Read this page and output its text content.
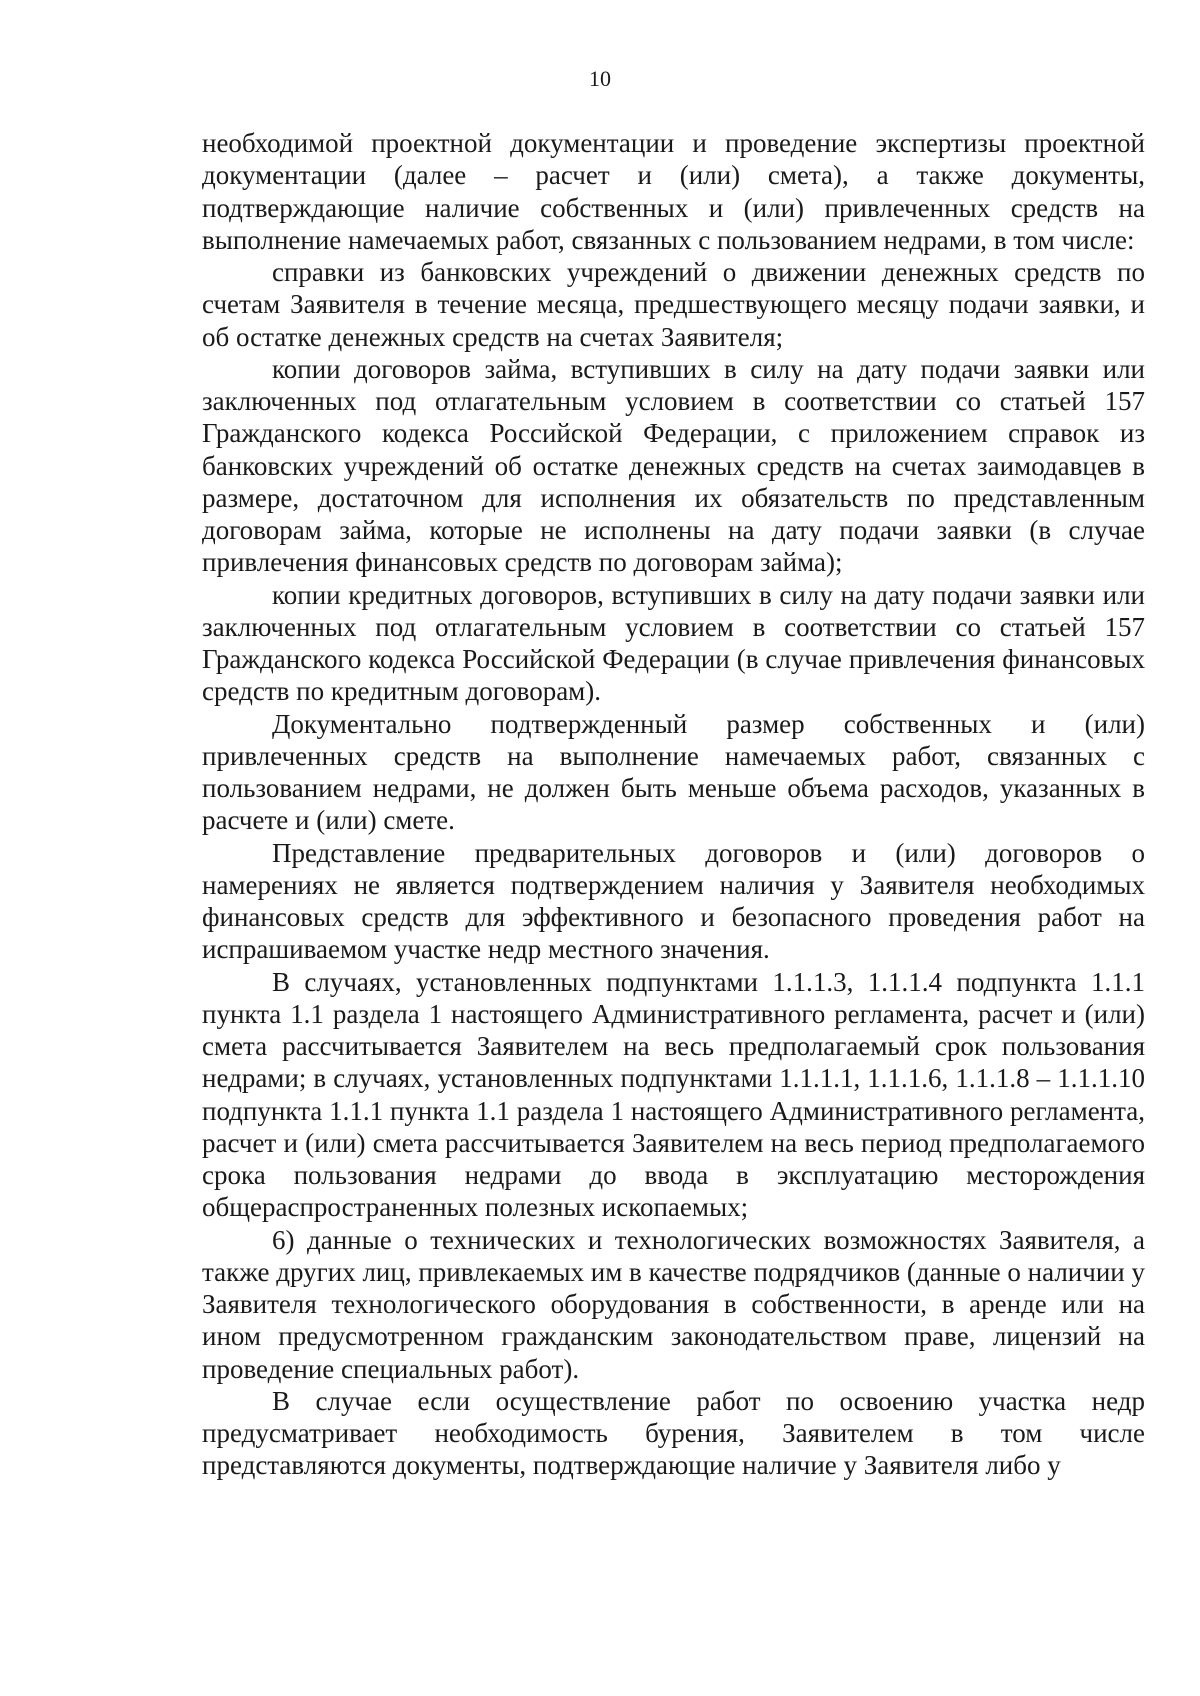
10

необходимой проектной документации и проведение экспертизы проектной документации (далее – расчет и (или) смета), а также документы, подтверждающие наличие собственных и (или) привлеченных средств на выполнение намечаемых работ, связанных с пользованием недрами, в том числе:

справки из банковских учреждений о движении денежных средств по счетам Заявителя в течение месяца, предшествующего месяцу подачи заявки, и об остатке денежных средств на счетах Заявителя;

копии договоров займа, вступивших в силу на дату подачи заявки или заключенных под отлагательным условием в соответствии со статьей 157 Гражданского кодекса Российской Федерации, с приложением справок из банковских учреждений об остатке денежных средств на счетах заимодавцев в размере, достаточном для исполнения их обязательств по представленным договорам займа, которые не исполнены на дату подачи заявки (в случае привлечения финансовых средств по договорам займа);

копии кредитных договоров, вступивших в силу на дату подачи заявки или заключенных под отлагательным условием в соответствии со статьей 157 Гражданского кодекса Российской Федерации (в случае привлечения финансовых средств по кредитным договорам).

Документально подтвержденный размер собственных и (или) привлеченных средств на выполнение намечаемых работ, связанных с пользованием недрами, не должен быть меньше объема расходов, указанных в расчете и (или) смете.

Представление предварительных договоров и (или) договоров о намерениях не является подтверждением наличия у Заявителя необходимых финансовых средств для эффективного и безопасного проведения работ на испрашиваемом участке недр местного значения.

В случаях, установленных подпунктами 1.1.1.3, 1.1.1.4 подпункта 1.1.1 пункта 1.1 раздела 1 настоящего Административного регламента, расчет и (или) смета рассчитывается Заявителем на весь предполагаемый срок пользования недрами; в случаях, установленных подпунктами 1.1.1.1, 1.1.1.6, 1.1.1.8 – 1.1.1.10 подпункта 1.1.1 пункта 1.1 раздела 1 настоящего Административного регламента, расчет и (или) смета рассчитывается Заявителем на весь период предполагаемого срока пользования недрами до ввода в эксплуатацию месторождения общераспространенных полезных ископаемых;

6) данные о технических и технологических возможностях Заявителя, а также других лиц, привлекаемых им в качестве подрядчиков (данные о наличии у Заявителя технологического оборудования в собственности, в аренде или на ином предусмотренном гражданским законодательством праве, лицензий на проведение специальных работ).

В случае если осуществление работ по освоению участка недр предусматривает необходимость бурения, Заявителем в том числе представляются документы, подтверждающие наличие у Заявителя либо у
